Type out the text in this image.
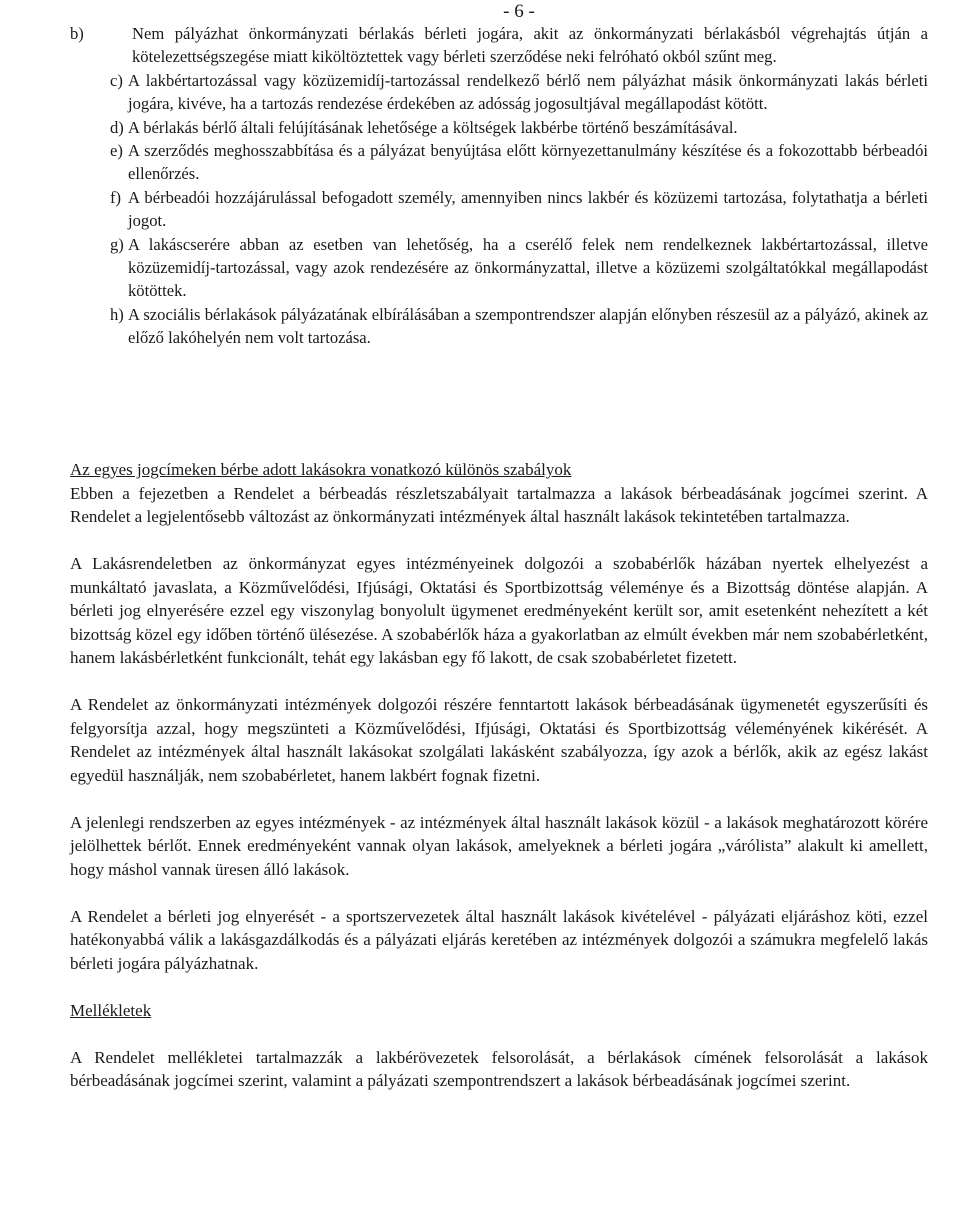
- 6 -
b)	Nem pályázhat önkormányzati bérlakás bérleti jogára, akit az önkormányzati bérlakásból végrehajtás útján a kötelezettségszegése miatt kiköltöztettek vagy bérleti szerződése neki felróható okból szűnt meg.
c) A lakbértartozással vagy közüzemidíj-tartozással rendelkező bérlő nem pályázhat másik önkormányzati lakás bérleti jogára, kivéve, ha a tartozás rendezése érdekében az adósság jogosultjával megállapodást kötött.
d) A bérlakás bérlő általi felújításának lehetősége a költségek lakbérbe történő beszámításával.
e) A szerződés meghosszabbítása és a pályázat benyújtása előtt környezettanulmány készítése és a fokozottabb bérbeadói ellenőrzés.
f) A bérbeadói hozzájárulással befogadott személy, amennyiben nincs lakbér és közüzemi tartozása, folytathatja a bérleti jogot.
g) A lakáscserére abban az esetben van lehetőség, ha a cserélő felek nem rendelkeznek lakbértartozással, illetve közüzemidíj-tartozással, vagy azok rendezésére az önkormányzattal, illetve a közüzemi szolgáltatókkal megállapodást kötöttek.
h) A szociális bérlakások pályázatának elbírálásában a szempontrendszer alapján előnyben részesül az a pályázó, akinek az előző lakóhelyén nem volt tartozása.
Az egyes jogcímeken bérbe adott lakásokra vonatkozó különös szabályok
Ebben a fejezetben a Rendelet a bérbeadás részletszabályait tartalmazza a lakások bérbeadásának jogcímei szerint. A Rendelet a legjelentősebb változást az önkormányzati intézmények által használt lakások tekintetében tartalmazza.
A Lakásrendeletben az önkormányzat egyes intézményeinek dolgozói a szobabérlők házában nyertek elhelyezést a munkáltató javaslata, a Közművelődési, Ifjúsági, Oktatási és Sportbizottság véleménye és a Bizottság döntése alapján. A bérleti jog elnyerésére ezzel egy viszonylag bonyolult ügymenet eredményeként került sor, amit esetenként nehezített a két bizottság közel egy időben történő ülésezése. A szobabérlők háza a gyakorlatban az elmúlt években már nem szobabérletként, hanem lakásbérletként funkcionált, tehát egy lakásban egy fő lakott, de csak szobabérletet fizetett.
A Rendelet az önkormányzati intézmények dolgozói részére fenntartott lakások bérbeadásának ügymenetét egyszerűsíti és felgyorsítja azzal, hogy megszünteti a Közművelődési, Ifjúsági, Oktatási és Sportbizottság véleményének kikérését. A Rendelet az intézmények által használt lakásokat szolgálati lakásként szabályozza, így azok a bérlők, akik az egész lakást egyedül használják, nem szobabérletet, hanem lakbért fognak fizetni.
A jelenlegi rendszerben az egyes intézmények - az intézmények által használt lakások közül - a lakások meghatározott körére jelölhettek bérlőt. Ennek eredményeként vannak olyan lakások, amelyeknek a bérleti jogára „várólista” alakult ki amellett, hogy máshol vannak üresen álló lakások.
A Rendelet a bérleti jog elnyerését - a sportszervezetek által használt lakások kivételével - pályázati eljáráshoz köti, ezzel hatékonyabbá válik a lakásgazdálkodás és a pályázati eljárás keretében az intézmények dolgozói a számukra megfelelő lakás bérleti jogára pályázhatnak.
Mellékletek
A Rendelet mellékletei tartalmazzák a lakbérövezetek felsorolását, a bérlakások címének felsorolását a lakások bérbeadásának jogcímei szerint, valamint a pályázati szempontrendszert a lakások bérbeadásának jogcímei szerint.
